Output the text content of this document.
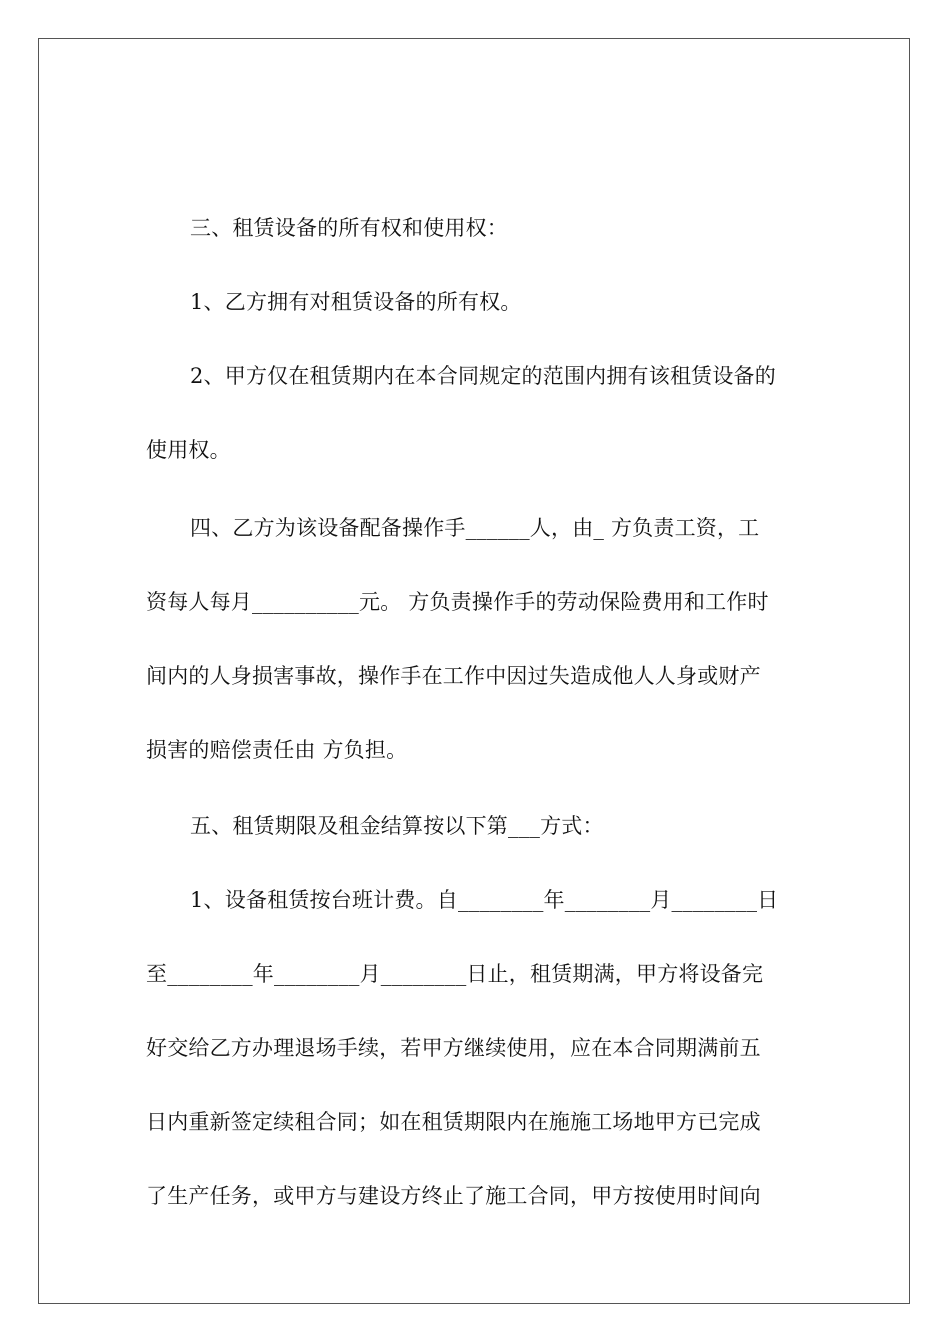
三、租赁设备的所有权和使用权：
1、乙方拥有对租赁设备的所有权。
2、甲方仅在租赁期内在本合同规定的范围内拥有该租赁设备的
使用权。
四、乙方为该设备配备操作手______人，由_ 方负责工资，工
资每人每月__________元。 方负责操作手的劳动保险费用和工作时
间内的人身损害事故，操作手在工作中因过失造成他人人身或财产
损害的赔偿责任由 方负担。
五、租赁期限及租金结算按以下第___方式：
1、设备租赁按台班计费。自________年________月________日
至________年________月________日止，租赁期满，甲方将设备完
好交给乙方办理退场手续，若甲方继续使用，应在本合同期满前五
日内重新签定续租合同；如在租赁期限内在施施工场地甲方已完成
了生产任务，或甲方与建设方终止了施工合同，甲方按使用时间向
